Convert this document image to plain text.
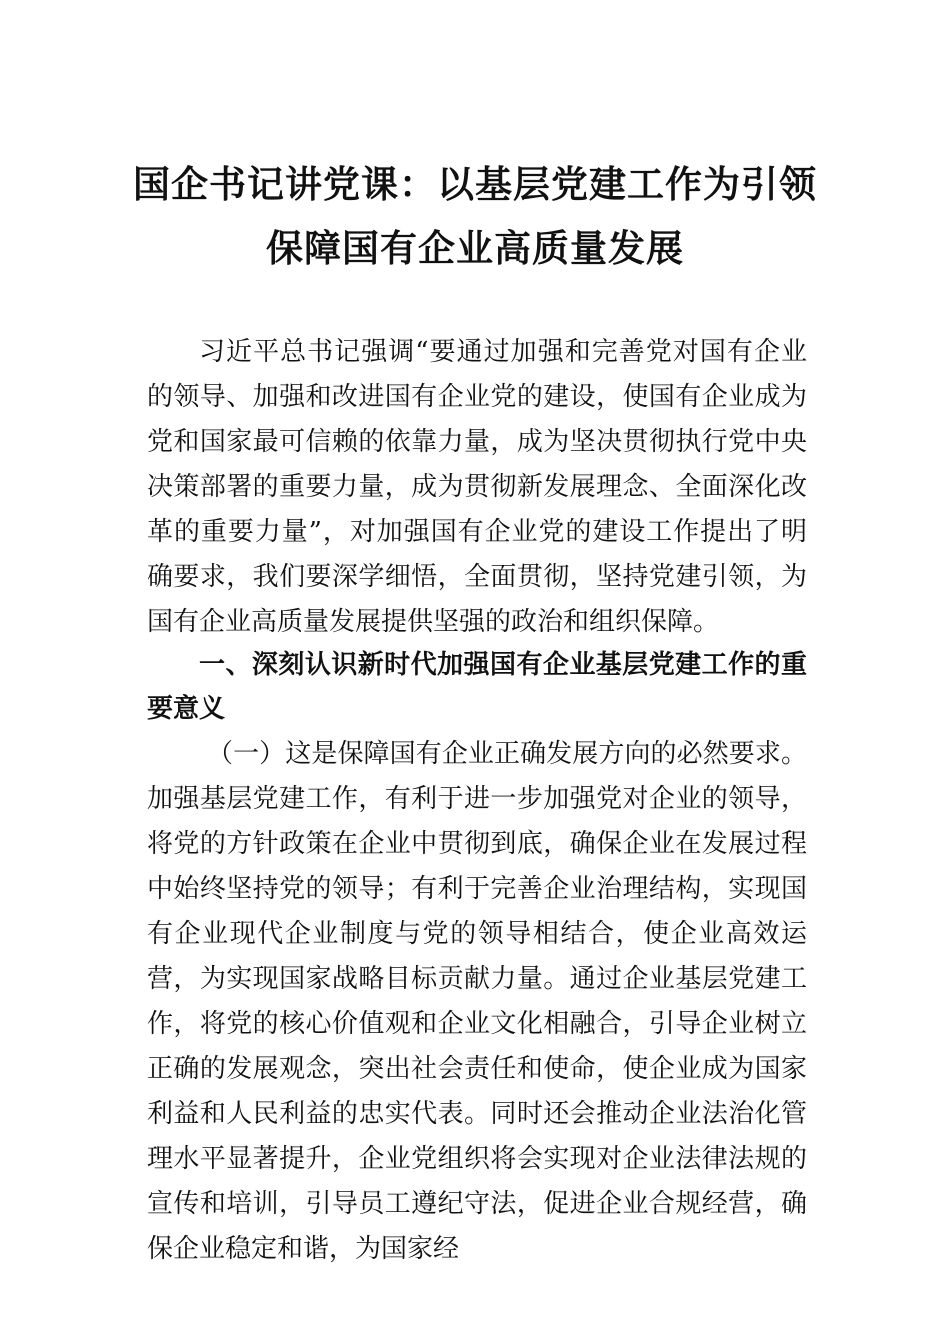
国企书记讲党课：以基层党建工作为引领
保障国有企业高质量发展

习近平总书记强调“要通过加强和完善党对国有企业的领导、加强和改进国有企业党的建设，使国有企业成为党和国家最可信赖的依靠力量，成为坚决贯彻执行党中央决策部署的重要力量，成为贯彻新发展理念、全面深化改革的重要力量”，对加强国有企业党的建设工作提出了明确要求，我们要深学细悟，全面贯彻，坚持党建引领，为国有企业高质量发展提供坚强的政治和组织保障。

一、深刻认识新时代加强国有企业基层党建工作的重要意义

（一）这是保障国有企业正确发展方向的必然要求。加强基层党建工作，有利于进一步加强党对企业的领导，将党的方针政策在企业中贯彻到底，确保企业在发展过程中始终坚持党的领导；有利于完善企业治理结构，实现国有企业现代企业制度与党的领导相结合，使企业高效运营，为实现国家战略目标贡献力量。通过企业基层党建工作，将党的核心价值观和企业文化相融合，引导企业树立正确的发展观念，突出社会责任和使命，使企业成为国家利益和人民利益的忠实代表。同时还会推动企业法治化管理水平显著提升，企业党组织将会实现对企业法律法规的宣传和培训，引导员工遵纪守法，促进企业合规经营，确保企业稳定和谐，为国家经
